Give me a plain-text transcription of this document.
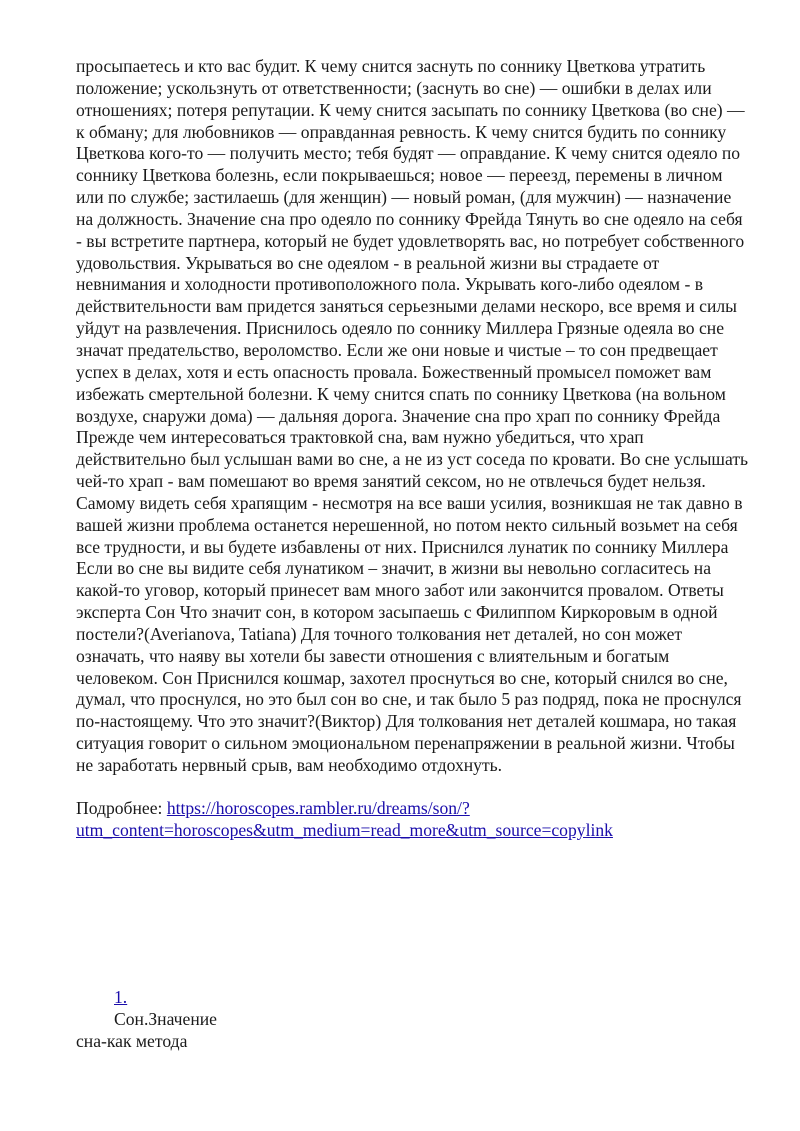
просыпаетесь и кто вас будит. К чему снится заснуть по соннику Цветкова утратить положение; ускользнуть от ответственности; (заснуть во сне) — ошибки в делах или отношениях; потеря репутации. К чему снится засыпать по соннику Цветкова (во сне) — к обману; для любовников — оправданная ревность. К чему снится будить по соннику Цветкова кого-то — получить место; тебя будят — оправдание. К чему снится одеяло по соннику Цветкова болезнь, если покрываешься; новое — переезд, перемены в личном или по службе; застилаешь (для женщин) — новый роман, (для мужчин) — назначение на должность. Значение сна про одеяло по соннику Фрейда Тянуть во сне одеяло на себя - вы встретите партнера, который не будет удовлетворять вас, но потребует собственного удовольствия. Укрываться во сне одеялом - в реальной жизни вы страдаете от невнимания и холодности противоположного пола. Укрывать кого-либо одеялом - в действительности вам придется заняться серьезными делами нескоро, все время и силы уйдут на развлечения. Приснилось одеяло по соннику Миллера Грязные одеяла во сне значат предательство, вероломство. Если же они новые и чистые – то сон предвещает успех в делах, хотя и есть опасность провала. Божественный промысел поможет вам избежать смертельной болезни. К чему снится спать по соннику Цветкова (на вольном воздухе, снаружи дома) — дальняя дорога. Значение сна про храп по соннику Фрейда Прежде чем интересоваться трактовкой сна, вам нужно убедиться, что храп действительно был услышан вами во сне, а не из уст соседа по кровати. Во сне услышать чей-то храп - вам помешают во время занятий сексом, но не отвлечься будет нельзя. Самому видеть себя храпящим - несмотря на все ваши усилия, возникшая не так давно в вашей жизни проблема останется нерешенной, но потом некто сильный возьмет на себя все трудности, и вы будете избавлены от них. Приснился лунатик по соннику Миллера Если во сне вы видите себя лунатиком – значит, в жизни вы невольно согласитесь на какой-то уговор, который принесет вам много забот или закончится провалом. Ответы эксперта Сон Что значит сон, в котором засыпаешь с Филиппом Киркоровым в одной постели?(Averianova, Tatiana) Для точного толкования нет деталей, но сон может означать, что наяву вы хотели бы завести отношения с влиятельным и богатым человеком. Сон Приснился кошмар, захотел проснуться во сне, который снился во сне, думал, что проснулся, но это был сон во сне, и так было 5 раз подряд, пока не проснулся по-настоящему. Что это значит?(Виктор) Для толкования нет деталей кошмара, но такая ситуация говорит о сильном эмоциональном перенапряжении в реальной жизни. Чтобы не заработать нервный срыв, вам необходимо отдохнуть.

Подробнее: https://horoscopes.rambler.ru/dreams/son/?
utm_content=horoscopes&utm_medium=read_more&utm_source=copylink

1.
Сон.Значение сна-как метода
